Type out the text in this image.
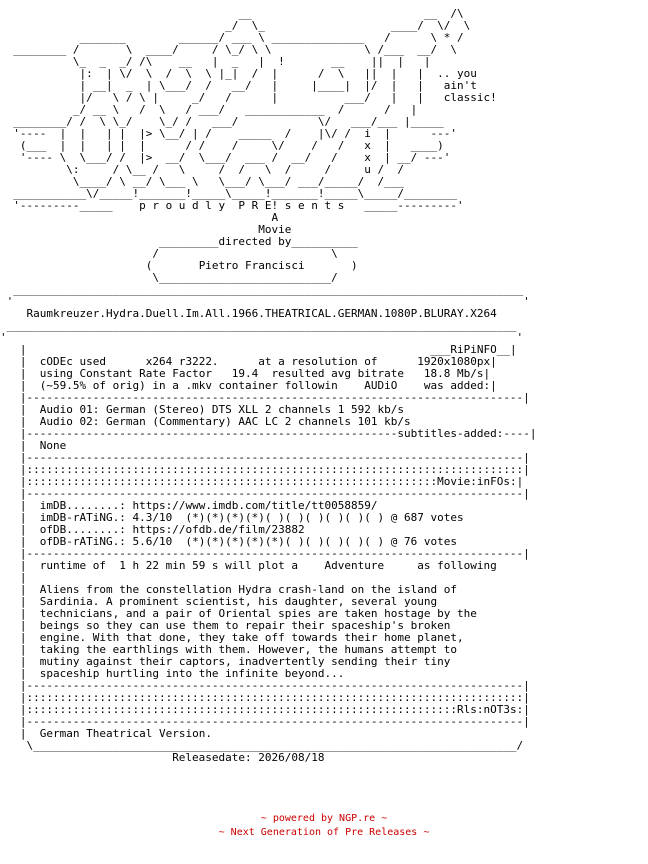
__                          __  /\
_/  \_                   ____/  \/  \
_______        ______/ ___ \ ______________   /      \ * /
________ /       \  ____/     / \_/ \ \              \ /___  __/  \
\_  _  _/ /\    __   |  _   |  !       __    ||  |   |
|:  | \/  \  /  \  \ |_|  /  |      /  \   ||  |   |  .. you
| __|  _  | \___/  /   __/   |     |____|  |/  |   |   ain't
|/   \ / \ |     _/   /      |          ___/   |   |   classic!
_/ __ \   /  \   / ___/   ____________  /      /   |
________/ /  \ \_/    \_/ /   ___/            \/   ___/___ |_____
'----  |  |   | |  |> \__/ | /    _____  /    |\/ /  i  |      ---'
(___  |  |   | |  |      / /    /     \/    /   /   x  |   ____)
'---- \  \___/ /  |>  __/  \___/  ___ /  __/   /    x  | __/ ---'
\:     / \__ /   \     /  /   \  /     /     u /  /
\____/ \ __/ \___ \   \___/ \___/ ___/_____/  /___
___________\/_____!_______!_____\_____!_______!_____\_____/________
'---------_____    p r o u d l y  P R E! s e n t s   _____---------'
A
Movie
_________directed by__________
/                          \
(	Pietro Francisci	)
\__________________________/
_____________________________________________________________________________
'                                                                             '
Raumkreuzer.Hydra.Duell.Im.All.1966.THEATRICAL.GERMAN.1080P.BLURAY.X264
_____________________________________________________________________________
'                                                                             '
|                                                             ___RiPiNFO__|
|  cODEc used      x264 r3222.      at a resolution of      1920x1080px|
|  using Constant Rate Factor   19.4  resulted avg bitrate   18.8 Mb/s|
|  (~59.5% of orig) in a .mkv container followin    AUDiO    was added:|
|---------------------------------------------------------------------------|
|  Audio 01: German (Stereo) DTS XLL 2 channels 1 592 kb/s
|  Audio 02: German (Commentary) AAC LC 2 channels 101 kb/s
|--------------------------------------------------------subtitles-added:----|
|  None
|---------------------------------------------------------------------------|
|:::::::::::::::::::::::::::::::::::::::::::::::::::::::::::::::::::::::::::|
|::::::::::::::::::::::::::::::::::::::::::::::::::::::::::::::Movie:inFOs:|
|---------------------------------------------------------------------------|
|  imDB........: https://www.imdb.com/title/tt0058859/
|  imDB-rATiNG.: 4.3/10  (*)(*)(*)(*)( )( )( )( )( )( ) @ 687 votes
|  ofDB........: https://ofdb.de/film/23882
|  ofDB-rATiNG.: 5.6/10  (*)(*)(*)(*)(*)( )( )( )( )( ) @ 76 votes
|---------------------------------------------------------------------------|
|  runtime of  1 h 22 min 59 s will plot a    Adventure     as following
|
|  Aliens from the constellation Hydra crash-land on the island of
|  Sardinia. A prominent scientist, his daughter, several young
|  technicians, and a pair of Oriental spies are taken hostage by the
|  beings so they can use them to repair their spaceship's broken
|  engine. With that done, they take off towards their home planet,
|  taking the earthlings with them. However, the humans attempt to
|  mutiny against their captors, inadvertently sending their tiny
|  spaceship hurtling into the infinite beyond...
|---------------------------------------------------------------------------|
|:::::::::::::::::::::::::::::::::::::::::::::::::::::::::::::::::::::::::::|
|:::::::::::::::::::::::::::::::::::::::::::::::::::::::::::::::::Rls:nOT3s:|
|---------------------------------------------------------------------------|
|  German Theatrical Version.
\_________________________________________________________________________/
Releasedate: 2026/08/18
~ powered by NGP.re ~
~ Next Generation of Pre Releases ~
